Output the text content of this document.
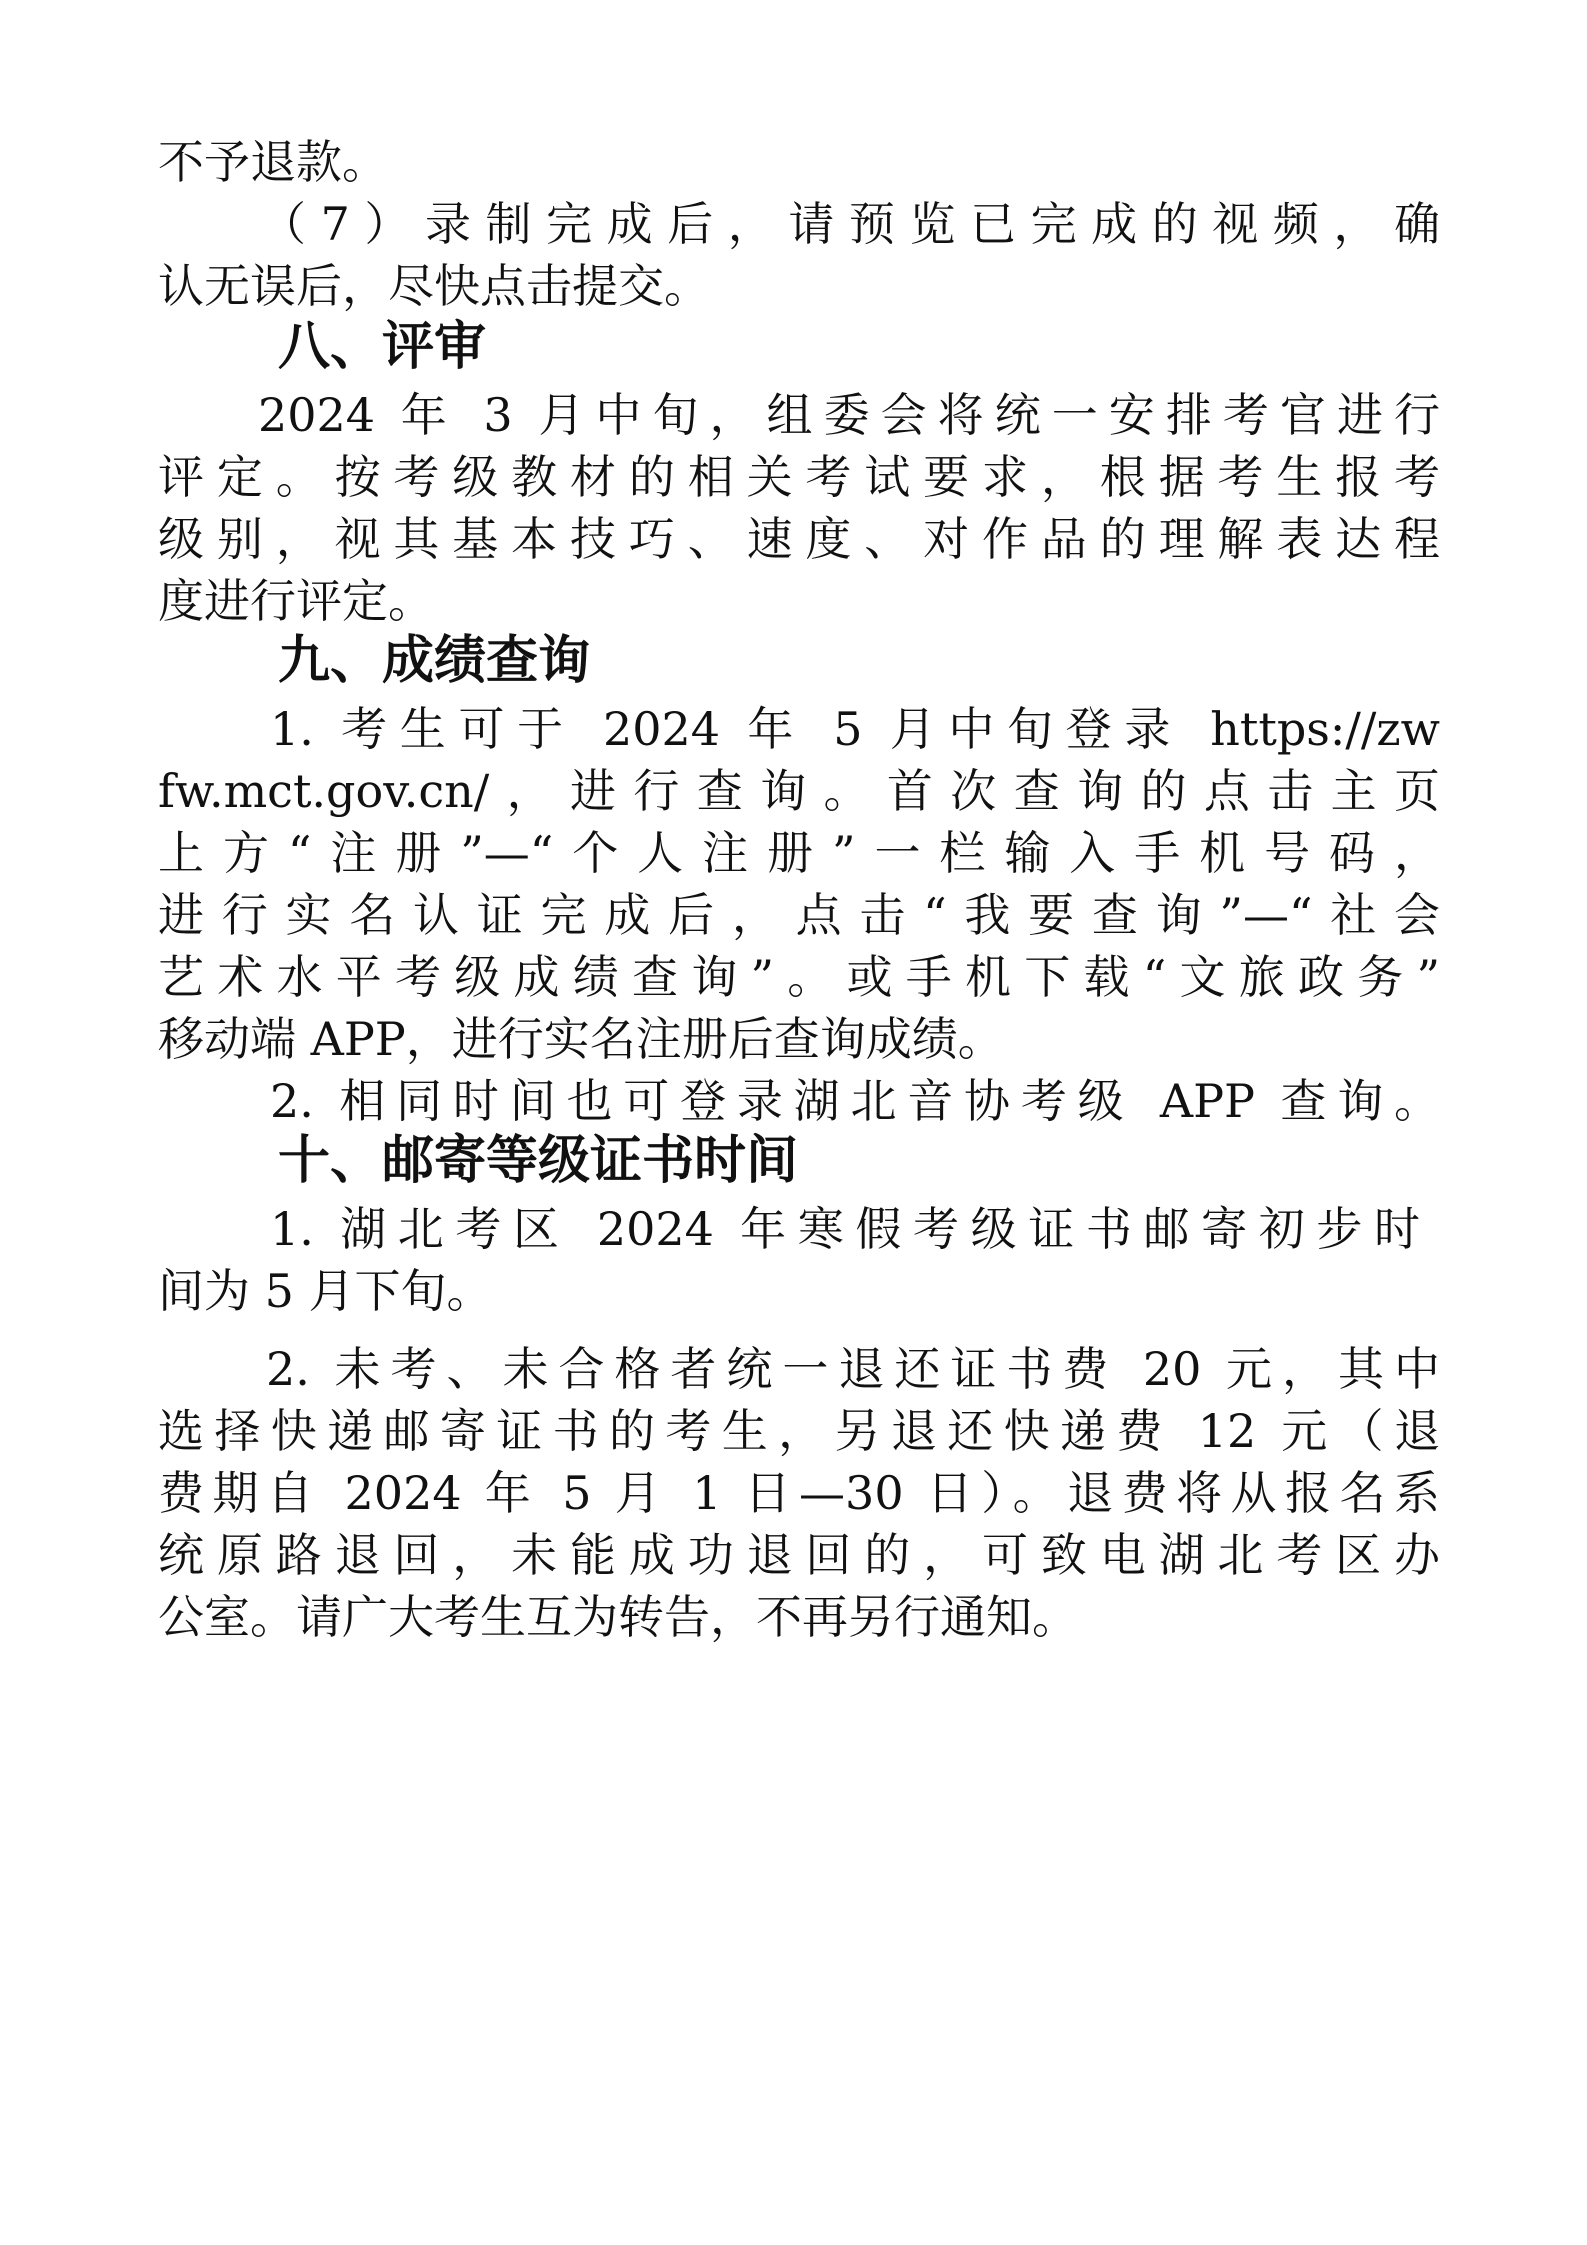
不予退款。
（7）录制完成后，请预览已完成的视频，确
认无误后，尽快点击提交。
八、评审
2024 年 3 月中旬，组委会将统一安排考官进行
评定。按考级教材的相关考试要求，根据考生报考
级别，视其基本技巧、速度、对作品的理解表达程
度进行评定。
九、成绩查询
1. 考生可于 2024 年 5 月中旬登录 https://zw
fw.mct.gov.cn/，进行查询。首次查询的点击主页
上方“注册”—“个人注册”一栏输入手机号码，
进行实名认证完成后，点击“我要查询”—“社会
艺术水平考级成绩查询”。或手机下载“文旅政务”
移动端 APP，进行实名注册后查询成绩。
2. 相同时间也可登录湖北音协考级 APP 查询。
十、邮寄等级证书时间
1. 湖北考区 2024 年寒假考级证书邮寄初步时
间为 5 月下旬。
2. 未考、未合格者统一退还证书费 20 元，其中
选择快递邮寄证书的考生，另退还快递费 12 元（退
费期自 2024 年 5 月 1 日—30 日）。退费将从报名系
统原路退回，未能成功退回的，可致电湖北考区办
公室。请广大考生互为转告，不再另行通知。
